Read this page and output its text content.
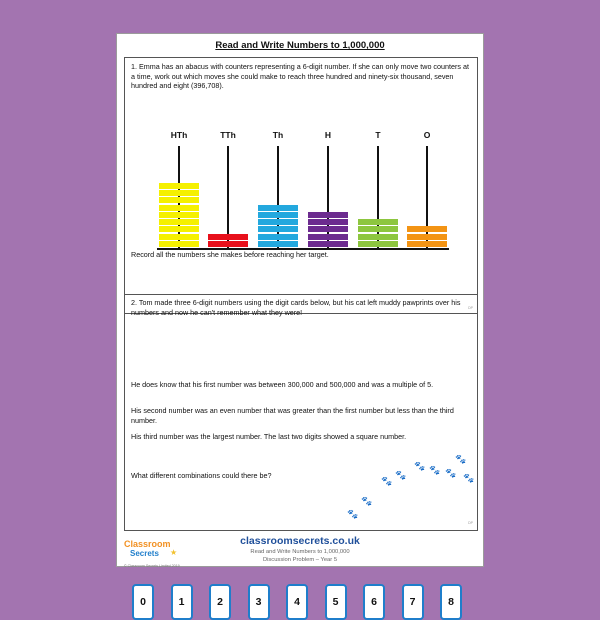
Read and Write Numbers to 1,000,000

1. Emma has an abacus with counters representing a 6-digit number. If she can only move two counters at a time, work out which moves she could make to reach three hundred and ninety-six thousand, seven hundred and eight (396,708).

HTh	TTh	Th	H	T	O

Record all the numbers she makes before reaching her target.

DP

2. Tom made three 6-digit numbers using the digit cards below, but his cat left muddy pawprints over his numbers and now he can't remember what they were!

0	1	2	3	4	5	6	7	8

He does know that his first number was between 300,000 and 500,000 and was a multiple of 5.

His second number was an even number that was greater than the first number but less than the third number.

His third number was the largest number. The last two digits showed a square number.

What different combinations could there be?

🐾
🐾
🐾
🐾
🐾 🐾 🐾
🐾
🐾
DP
Classroom
Secrets ★
© Classroom Secrets Limited 2019
classroomsecrets.co.uk
Read and Write Numbers to 1,000,000
Discussion Problem – Year 5
